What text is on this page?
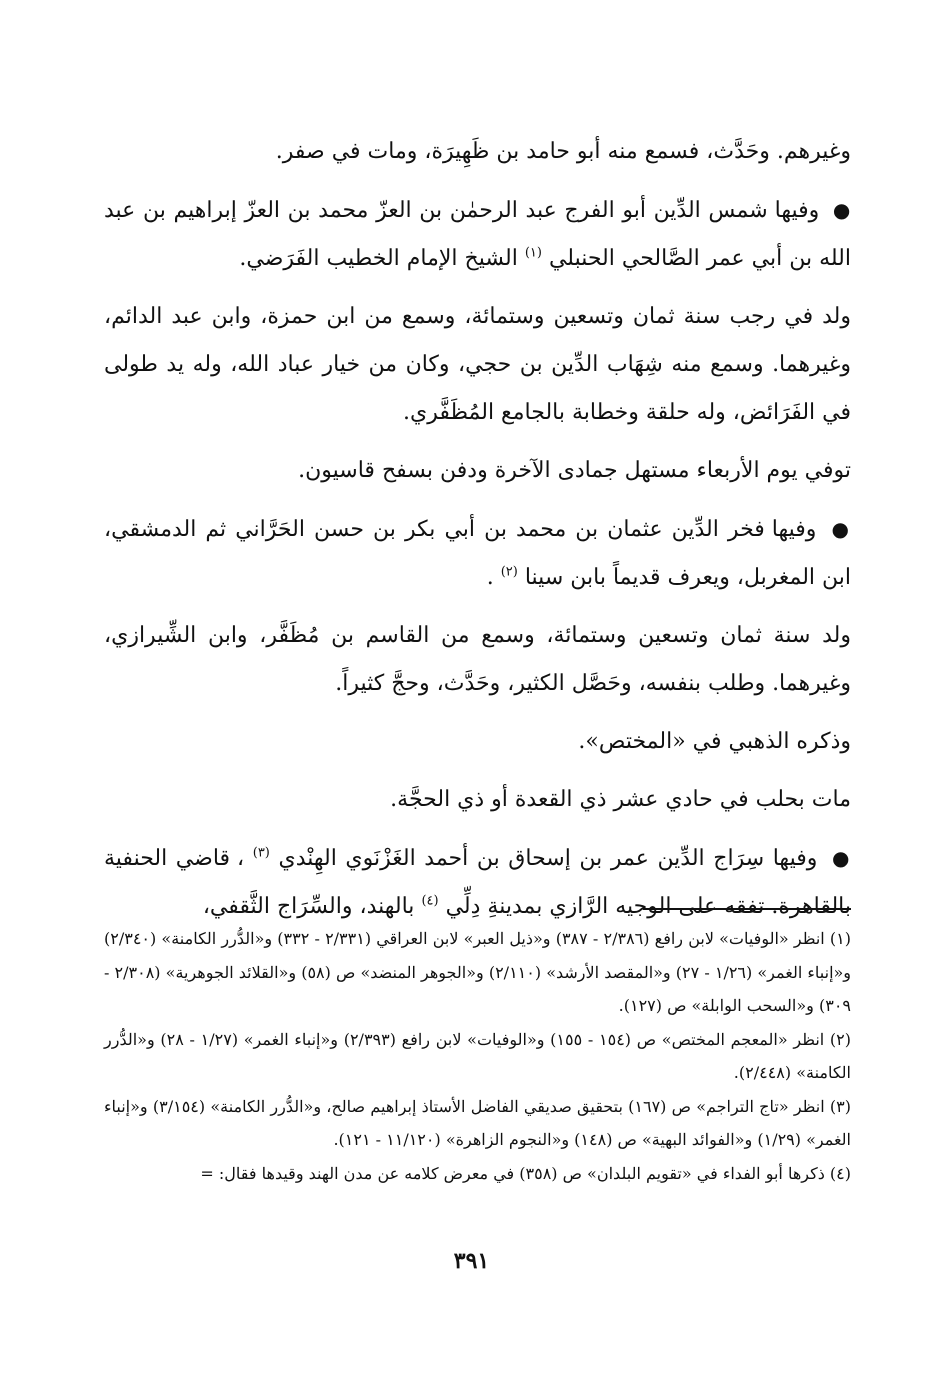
وغيرهم. وحَدَّث، فسمع منه أبو حامد بن ظَهِيرَة، ومات في صفر.

● وفيها شمس الدِّين أبو الفرج عبد الرحمٰن بن العزّ محمد بن العزّ إبراهيم بن عبد الله بن أبي عمر الصَّالحي الحنبلي $^{(١)}$ الشيخ الإمام الخطيب الفَرَضي.

ولد في رجب سنة ثمان وتسعين وستمائة، وسمع من ابن حمزة، وابن عبد الدائم، وغيرهما. وسمع منه شِهَاب الدِّين بن حجي، وكان من خيار عباد الله، وله يد طولى في الفَرَائض، وله حلقة وخطابة بالجامع المُظَفَّري.

توفي يوم الأربعاء مستهل جمادى الآخرة ودفن بسفح قاسيون.

● وفيها فخر الدِّين عثمان بن محمد بن أبي بكر بن حسن الحَرَّاني ثم الدمشقي، ابن المغربل، ويعرف قديماً بابن سينا $^{(٢)}$ .

ولد سنة ثمان وتسعين وستمائة، وسمع من القاسم بن مُظَفَّر، وابن الشِّيرازي، وغيرهما. وطلب بنفسه، وحَصَّل الكثير، وحَدَّث، وحجَّ كثيراً.

وذكره الذهبي في «المختص».

مات بحلب في حادي عشر ذي القعدة أو ذي الحجَّة.

● وفيها سِرَاج الدِّين عمر بن إسحاق بن أحمد الغَزْنَوي الهِنْدي $^{(٣)}$ ، قاضي الحنفية بالقاهرة. تفقه على الوجيه الرَّازي بمدينةِ دِلِّي $^{(٤)}$ بالهند، والسِّرَاج الثَّقفي،

(١) انظر «الوفيات» لابن رافع (٢/٣٨٦ - ٣٨٧) و«ذيل العبر» لابن العراقي (٢/٣٣١ - ٣٣٢) و«الدُّرر الكامنة» (٢/٣٤٠) و«إنباء الغمر» (١/٢٦ - ٢٧) و«المقصد الأرشد» (٢/١١٠) و«الجوهر المنضد» ص (٥٨) و«القلائد الجوهرية» (٢/٣٠٨ - ٣٠٩) و«السحب الوابلة» ص (١٢٧).

(٢) انظر «المعجم المختص» ص (١٥٤ - ١٥٥) و«الوفيات» لابن رافع (٢/٣٩٣) و«إنباء الغمر» (١/٢٧ - ٢٨) و«الدُّرر الكامنة» (٢/٤٤٨).

(٣) انظر «تاج التراجم» ص (١٦٧) بتحقيق صديقي الفاضل الأستاذ إبراهيم صالح، و«الدُّرر الكامنة» (٣/١٥٤) و«إنباء الغمر» (١/٢٩) و«الفوائد البهية» ص (١٤٨) و«النجوم الزاهرة» (١١/١٢٠ - ١٢١).

(٤) ذكرها أبو الفداء في «تقويم البلدان» ص (٣٥٨) في معرض كلامه عن مدن الهند وقيدها فقال: =

٣٩١
